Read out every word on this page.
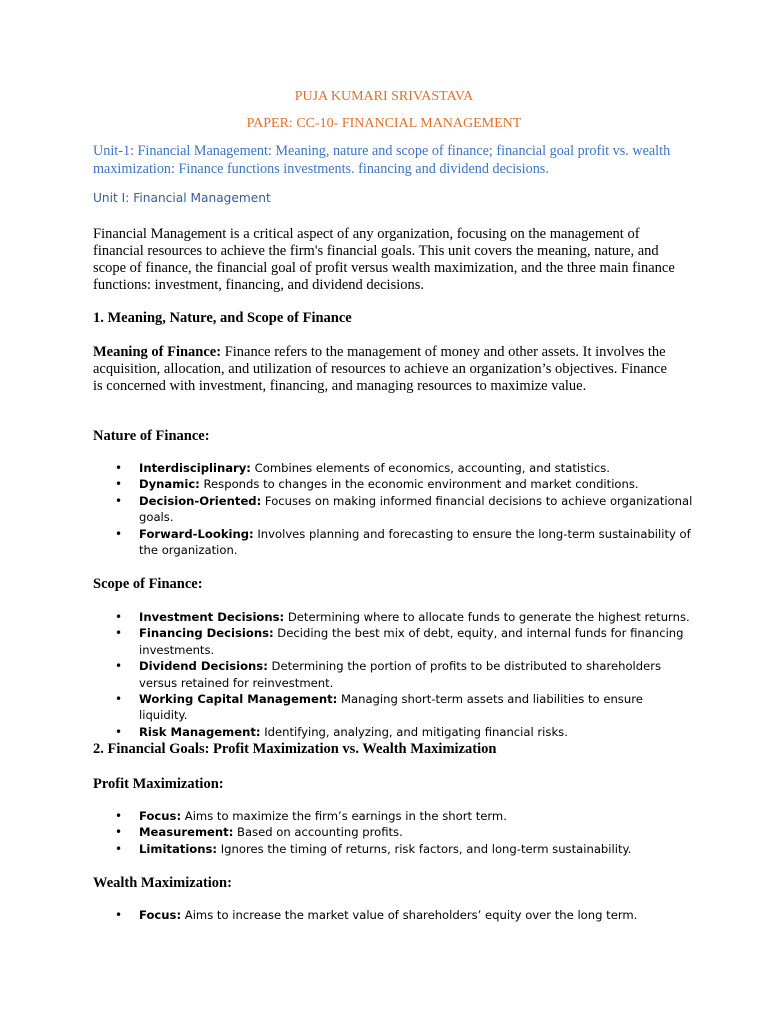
PUJA KUMARI SRIVASTAVA
PAPER: CC-10- FINANCIAL MANAGEMENT
Unit-1: Financial Management: Meaning, nature and scope of finance; financial goal profit vs. wealth maximization: Finance functions investments. financing and dividend decisions.
Unit I: Financial Management
Financial Management is a critical aspect of any organization, focusing on the management of financial resources to achieve the firm's financial goals. This unit covers the meaning, nature, and scope of finance, the financial goal of profit versus wealth maximization, and the three main finance functions: investment, financing, and dividend decisions.
1. Meaning, Nature, and Scope of Finance
Meaning of Finance: Finance refers to the management of money and other assets. It involves the acquisition, allocation, and utilization of resources to achieve an organization’s objectives. Finance is concerned with investment, financing, and managing resources to maximize value.
Nature of Finance:
• Interdisciplinary: Combines elements of economics, accounting, and statistics.
• Dynamic: Responds to changes in the economic environment and market conditions.
• Decision-Oriented: Focuses on making informed financial decisions to achieve organizational goals.
• Forward-Looking: Involves planning and forecasting to ensure the long-term sustainability of the organization.
Scope of Finance:
• Investment Decisions: Determining where to allocate funds to generate the highest returns.
• Financing Decisions: Deciding the best mix of debt, equity, and internal funds for financing investments.
• Dividend Decisions: Determining the portion of profits to be distributed to shareholders versus retained for reinvestment.
• Working Capital Management: Managing short-term assets and liabilities to ensure liquidity.
• Risk Management: Identifying, analyzing, and mitigating financial risks.
2. Financial Goals: Profit Maximization vs. Wealth Maximization
Profit Maximization:
• Focus: Aims to maximize the firm’s earnings in the short term.
• Measurement: Based on accounting profits.
• Limitations: Ignores the timing of returns, risk factors, and long-term sustainability.
Wealth Maximization:
• Focus: Aims to increase the market value of shareholders’ equity over the long term.
